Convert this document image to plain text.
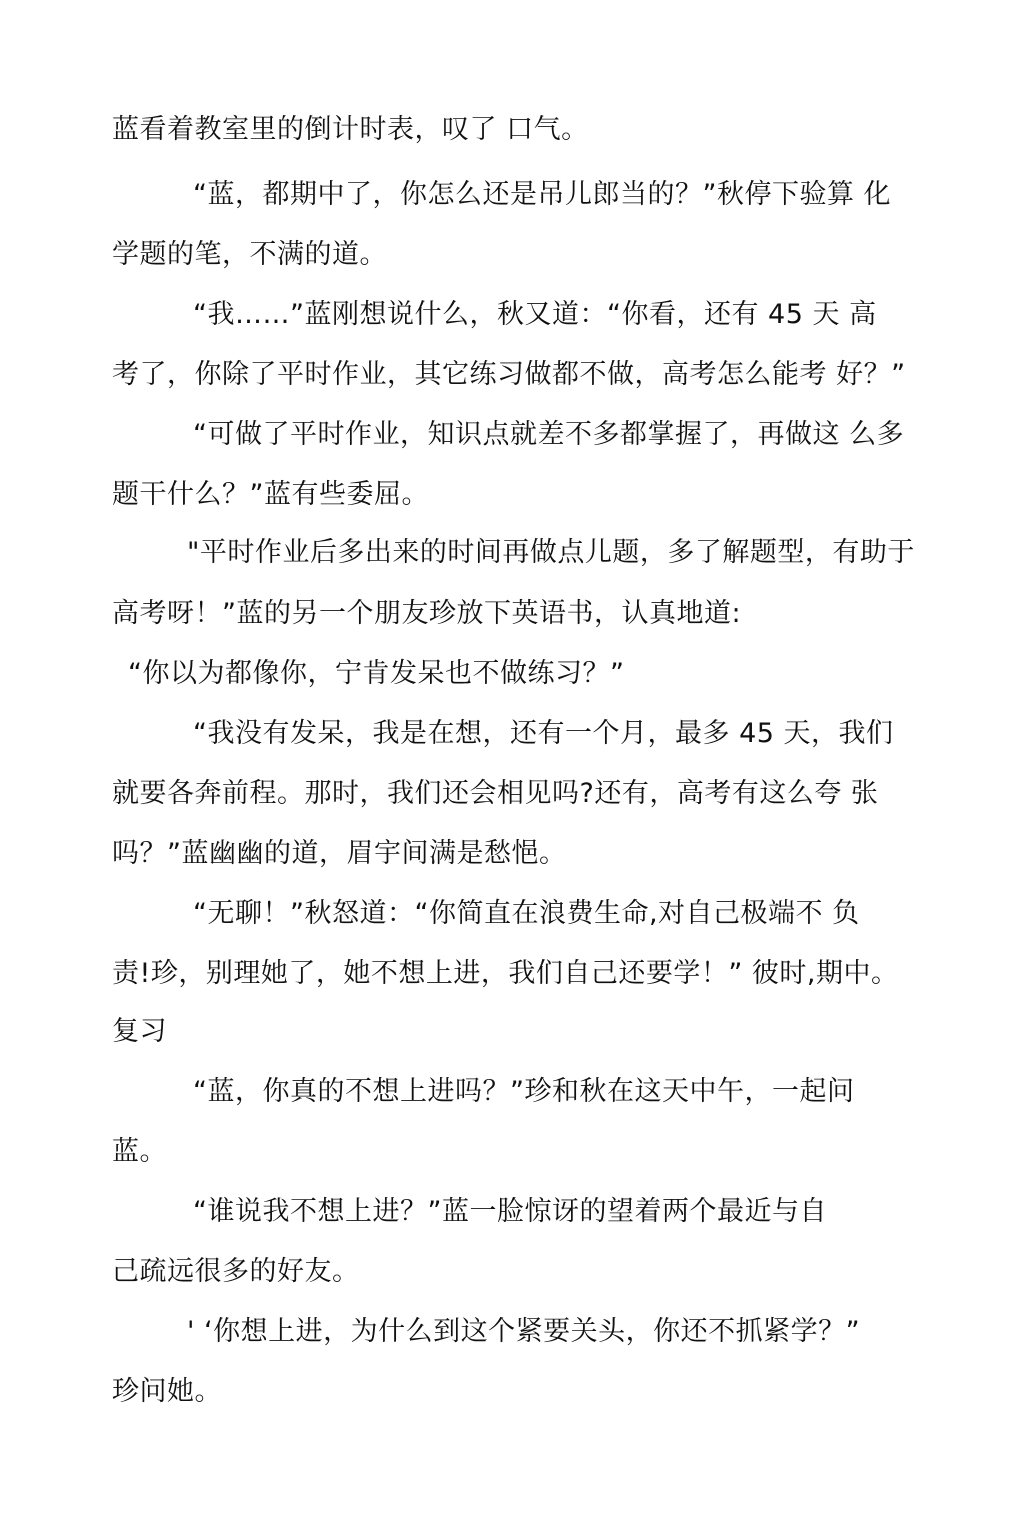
蓝看着教室里的倒计时表，叹了 口气。

“蓝，都期中了，你怎么还是吊儿郎当的？”秋停下验算 化

学题的笔，不满的道。

“我……”蓝刚想说什么，秋又道：“你看，还有 45 天 高

考了，你除了平时作业，其它练习做都不做，高考怎么能考 好？”

“可做了平时作业，知识点就差不多都掌握了，再做这 么多

题干什么？”蓝有些委屈。

"平时作业后多出来的时间再做点儿题，多了解题型，有助于

高考呀！”蓝的另一个朋友珍放下英语书，认真地道:

“你以为都像你，宁肯发呆也不做练习？”

“我没有发呆，我是在想，还有一个月，最多 45 天，我们

就要各奔前程。那时，我们还会相见吗?还有，高考有这么夸 张

吗？”蓝幽幽的道，眉宇间满是愁悒。

“无聊！”秋怒道：“你简直在浪费生命,对自己极端不 负

责!珍，别理她了，她不想上进，我们自己还要学！” 彼时,期中。

复习

“蓝，你真的不想上进吗？”珍和秋在这天中午，一起问

蓝。

“谁说我不想上进？”蓝一脸惊讶的望着两个最近与自

己疏远很多的好友。

' ‘你想上进，为什么到这个紧要关头，你还不抓紧学？”

珍问她。
